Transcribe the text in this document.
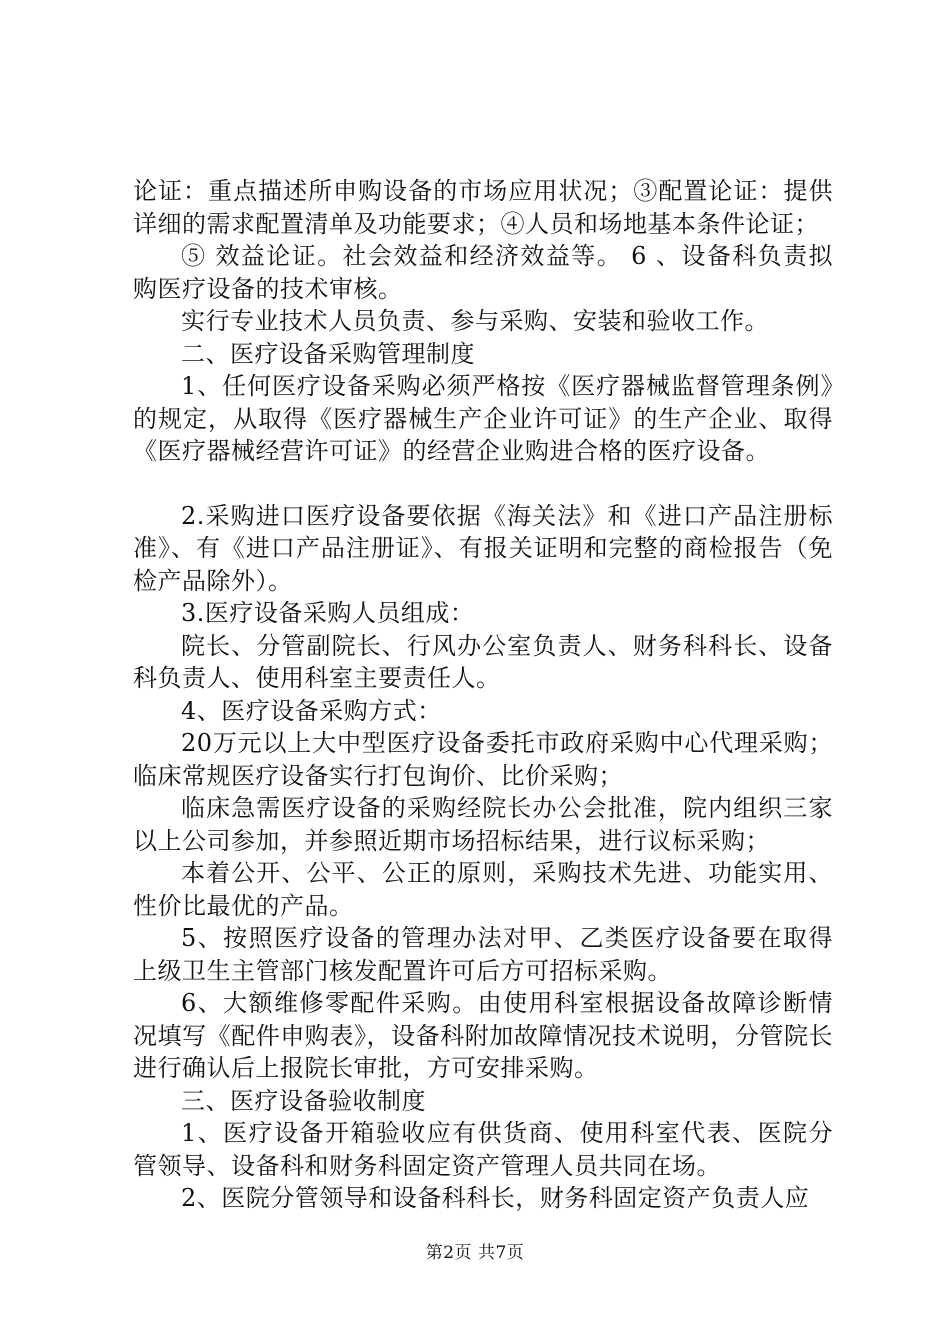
论证：重点描述所申购设备的市场应用状况；③配置论证：提供详细的需求配置清单及功能要求；④人员和场地基本条件论证；

⑤ 效益论证。社会效益和经济效益等。 6 、设备科负责拟购医疗设备的技术审核。

实行专业技术人员负责、参与采购、安装和验收工作。

二、医疗设备采购管理制度

1、任何医疗设备采购必须严格按《医疗器械监督管理条例》的规定，从取得《医疗器械生产企业许可证》的生产企业、取得《医疗器械经营许可证》的经营企业购进合格的医疗设备。

2.采购进口医疗设备要依据《海关法》和《进口产品注册标准》、有《进口产品注册证》、有报关证明和完整的商检报告（免检产品除外）。

3.医疗设备采购人员组成：

院长、分管副院长、行风办公室负责人、财务科科长、设备科负责人、使用科室主要责任人。

4、医疗设备采购方式：

20万元以上大中型医疗设备委托市政府采购中心代理采购；临床常规医疗设备实行打包询价、比价采购；

临床急需医疗设备的采购经院长办公会批准，院内组织三家以上公司参加，并参照近期市场招标结果，进行议标采购；

本着公开、公平、公正的原则，采购技术先进、功能实用、性价比最优的产品。

5、按照医疗设备的管理办法对甲、乙类医疗设备要在取得上级卫生主管部门核发配置许可后方可招标采购。

6、大额维修零配件采购。由使用科室根据设备故障诊断情况填写《配件申购表》，设备科附加故障情况技术说明，分管院长进行确认后上报院长审批，方可安排采购。

三、医疗设备验收制度

1、医疗设备开箱验收应有供货商、使用科室代表、医院分管领导、设备科和财务科固定资产管理人员共同在场。

2、医院分管领导和设备科科长，财务科固定资产负责人应

第2页 共7页
